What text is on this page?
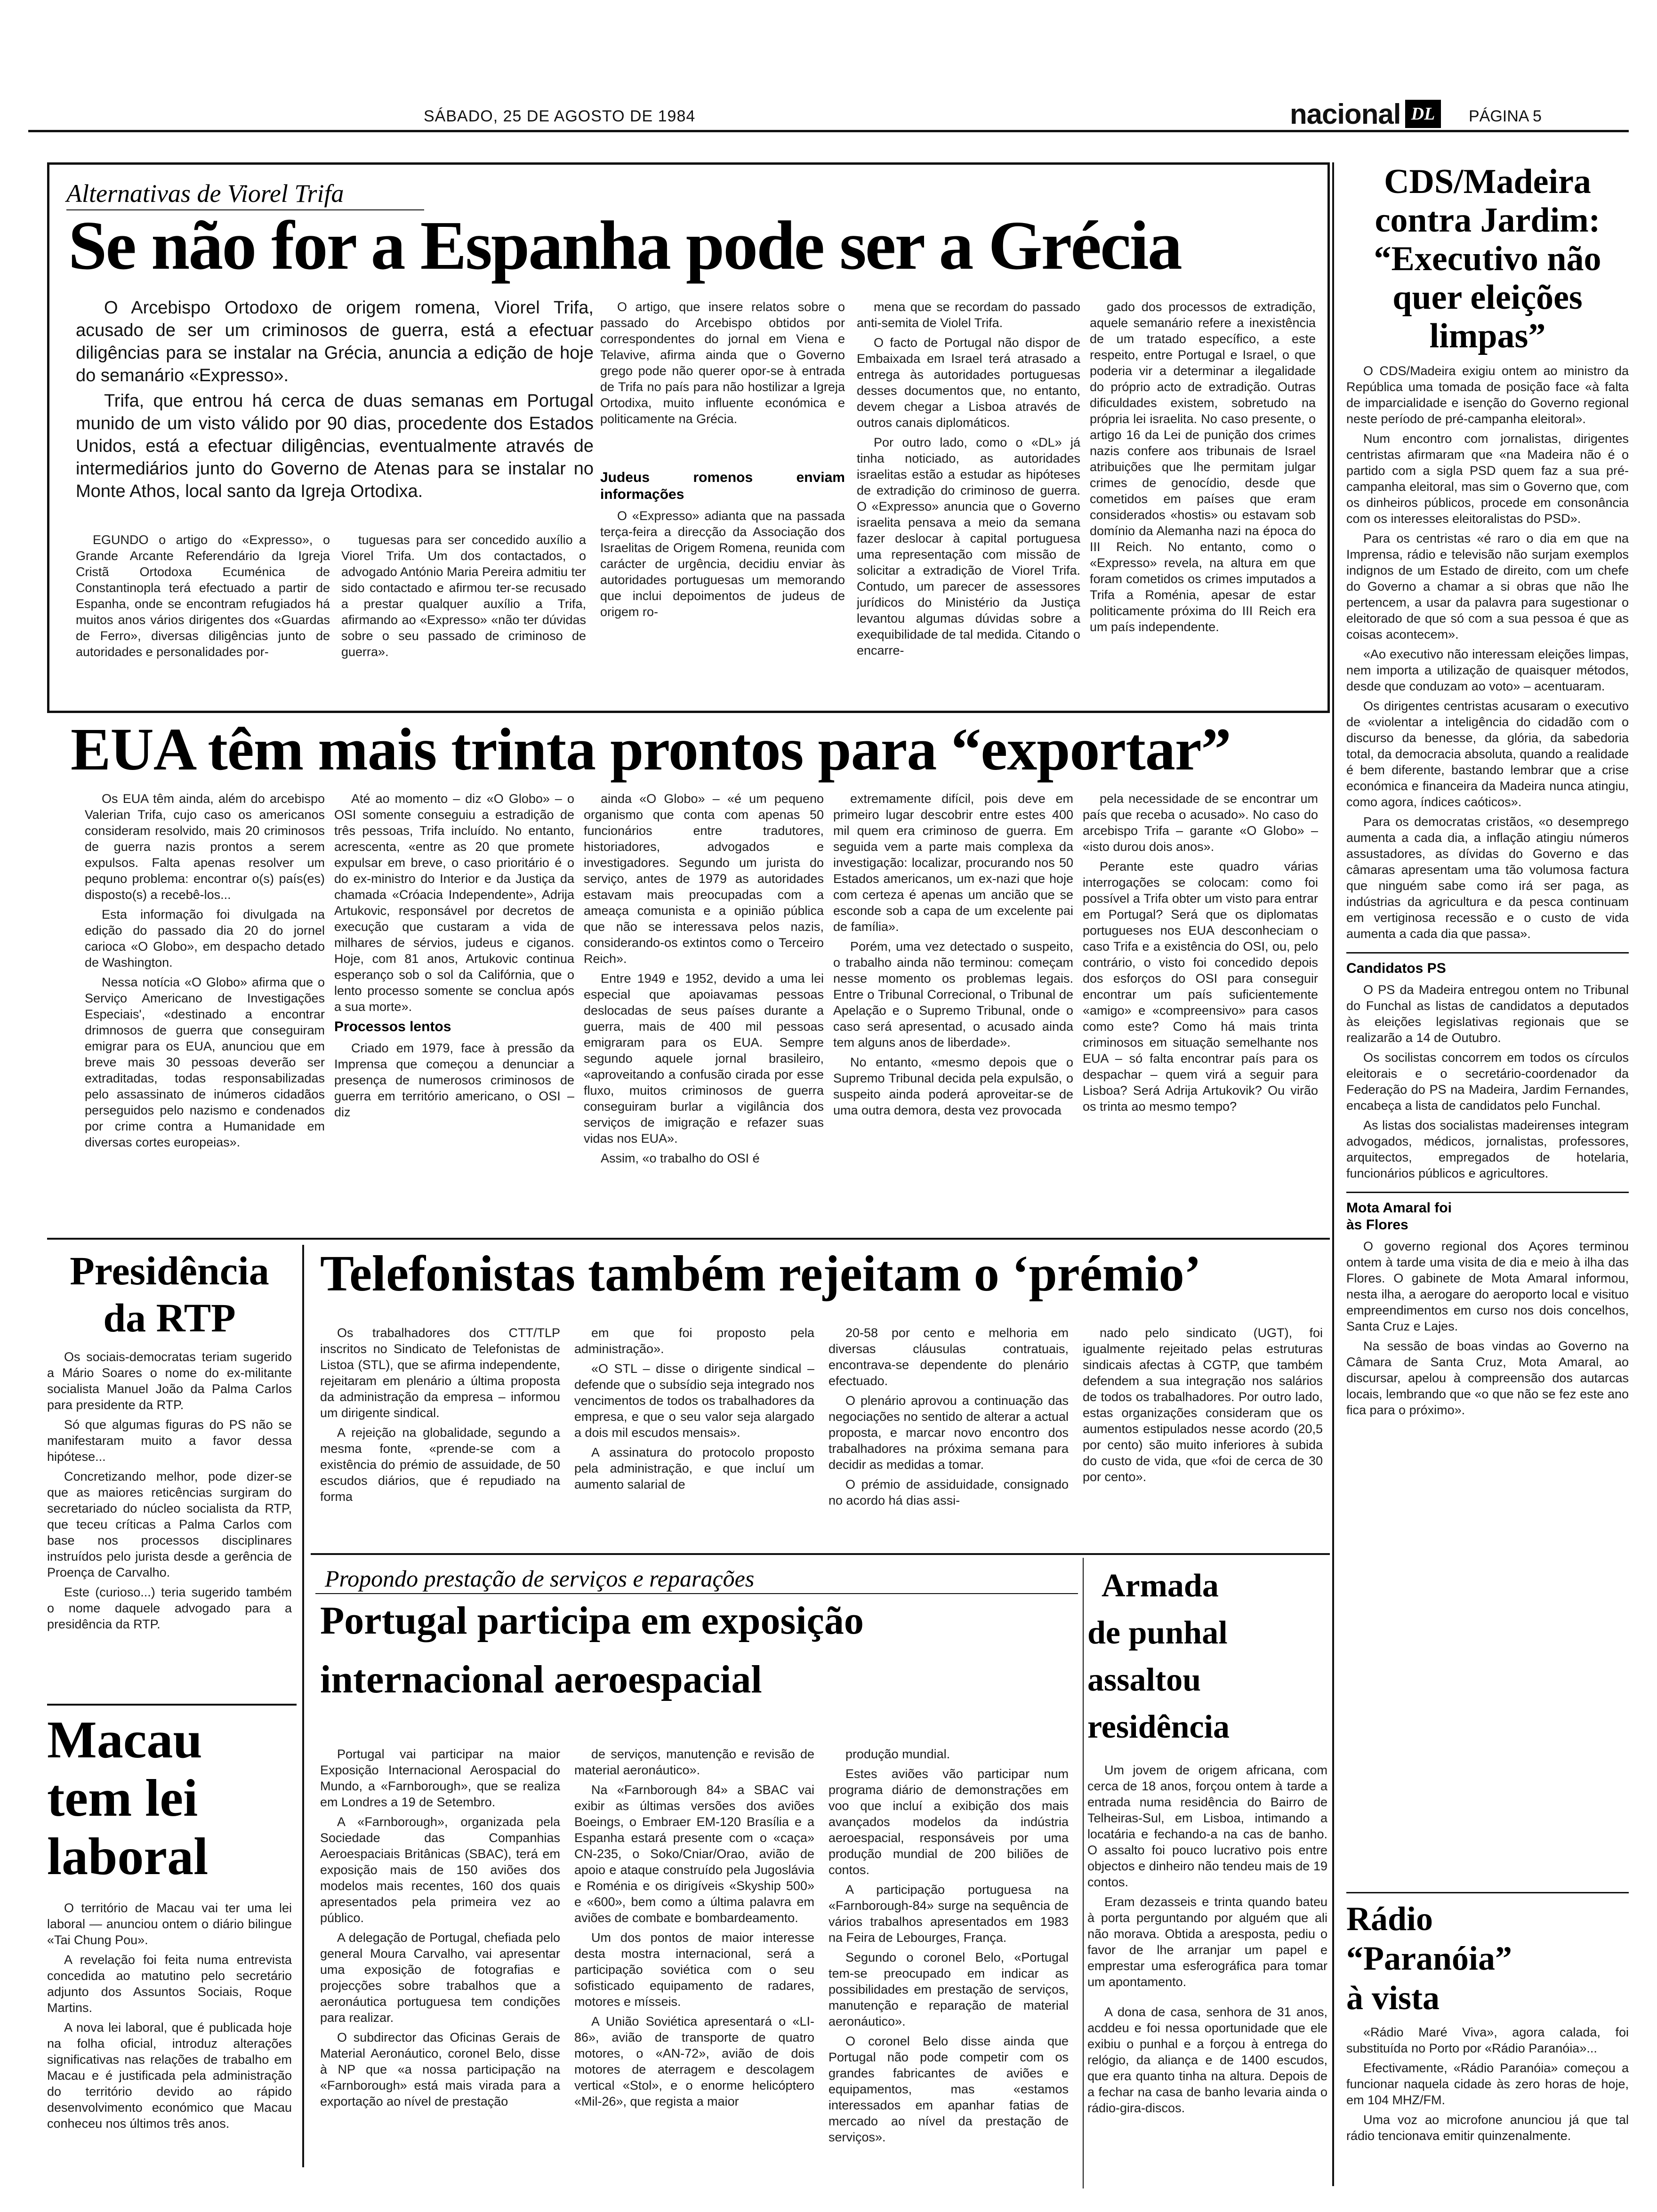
SÁBADO, 25 DE AGOSTO DE 1984	nacional DL	PÁGINA 5
Alternativas de Viorel Trifa
Se não for a Espanha pode ser a Grécia

O Arcebispo Ortodoxo de origem romena, Viorel Trifa, acusado de ser um criminosos de guerra, está a efectuar diligências para se instalar na Grécia, anuncia a edição de hoje do semanário «Expresso».

Trifa, que entrou há cerca de duas semanas em Portugal munido de um visto válido por 90 dias, procedente dos Estados Unidos, está a efectuar diligências, eventualmente através de intermediários junto do Governo de Atenas para se instalar no Monte Athos, local santo da Igreja Ortodixa.

EGUNDO o artigo do «Expresso», o Grande Arcante Referendário da Igreja Cristã Ortodoxa Ecuménica de Constantinopla terá efectuado a partir de Espanha, onde se encontram refugiados há muitos anos vários dirigentes dos «Guardas de Ferro», diversas diligências junto de autoridades e personalidades por-

tuguesas para ser concedido auxílio a Viorel Trifa. Um dos contactados, o advogado António Maria Pereira admitiu ter sido contactado e afirmou ter-se recusado a prestar qualquer auxílio a Trifa, afirmando ao «Expresso» «não ter dúvidas sobre o seu passado de criminoso de guerra».

O artigo, que insere relatos sobre o passado do Arcebispo obtidos por correspondentes do jornal em Viena e Telavive, afirma ainda que o Governo grego pode não querer opor-se à entrada de Trifa no país para não hostilizar a Igreja Ortodixa, muito influente económica e politicamente na Grécia.

Judeus romenos enviam informações

O «Expresso» adianta que na passada terça-feira a direcção da Associação dos Israelitas de Origem Romena, reunida com carácter de urgência, decidiu enviar às autoridades portuguesas um memorando que inclui depoimentos de judeus de origem ro-

mena que se recordam do passado anti-semita de Violel Trifa.

O facto de Portugal não dispor de Embaixada em Israel terá atrasado a entrega às autoridades portuguesas desses documentos que, no entanto, devem chegar a Lisboa através de outros canais diplomáticos.

Por outro lado, como o «DL» já tinha noticiado, as autoridades israelitas estão a estudar as hipóteses de extradição do criminoso de guerra. O «Expresso» anuncia que o Governo israelita pensava a meio da semana fazer deslocar à capital portuguesa uma representação com missão de solicitar a extradição de Viorel Trifa. Contudo, um parecer de assessores jurídicos do Ministério da Justiça levantou algumas dúvidas sobre a exequibilidade de tal medida. Citando o encarre-

gado dos processos de extradição, aquele semanário refere a inexistência de um tratado específico, a este respeito, entre Portugal e Israel, o que poderia vir a determinar a ilegalidade do próprio acto de extradição. Outras dificuldades existem, sobretudo na própria lei israelita. No caso presente, o artigo 16 da Lei de punição dos crimes nazis confere aos tribunais de Israel atribuições que lhe permitam julgar crimes de genocídio, desde que cometidos em países que eram considerados «hostis» ou estavam sob domínio da Alemanha nazi na época do III Reich. No entanto, como o «Expresso» revela, na altura em que foram cometidos os crimes imputados a Trifa a Roménia, apesar de estar politicamente próxima do III Reich era um país independente.

EUA têm mais trinta prontos para “exportar”

Os EUA têm ainda, além do arcebispo Valerian Trifa, cujo caso os americanos consideram resolvido, mais 20 criminosos de guerra nazis prontos a serem expulsos. Falta apenas resolver um pequno problema: encontrar o(s) país(es) disposto(s) a recebê-los...

Esta informação foi divulgada na edição do passado dia 20 do jornel carioca «O Globo», em despacho detado de Washington.

Nessa notícia «O Globo» afirma que o Serviço Americano de Investigações Especiais', «destinado a encontrar drimnosos de guerra que conseguiram emigrar para os EUA, anunciou que em breve mais 30 pessoas deverão ser extraditadas, todas responsabilizadas pelo assassinato de inúmeros cidadãos perseguidos pelo nazismo e condenados por crime contra a Humanidade em diversas cortes europeias».

Até ao momento – diz «O Globo» – o OSI somente conseguiu a estradição de três pessoas, Trifa incluído. No entanto, acrescenta, «entre as 20 que promete expulsar em breve, o caso prioritário é o do ex-ministro do Interior e da Justiça da chamada «Cróacia Independente», Adrija Artukovic, responsável por decretos de execução que custaram a vida de milhares de sérvios, judeus e ciganos. Hoje, com 81 anos, Artukovic continua esperanço sob o sol da Califórnia, que o lento processo somente se conclua após a sua morte».

Processos lentos

Criado em 1979, face à pressão da Imprensa que começou a denunciar a presença de numerosos criminosos de guerra em território americano, o OSI – diz

ainda «O Globo» – «é um pequeno organismo que conta com apenas 50 funcionários entre tradutores, historiadores, advogados e investigadores. Segundo um jurista do serviço, antes de 1979 as autoridades estavam mais preocupadas com a ameaça comunista e a opinião pública que não se interessava pelos nazis, considerando-os extintos como o Terceiro Reich».

Entre 1949 e 1952, devido a uma lei especial que apoiavamas pessoas deslocadas de seus países durante a guerra, mais de 400 mil pessoas emigraram para os EUA. Sempre segundo aquele jornal brasileiro, «aproveitando a confusão cirada por esse fluxo, muitos criminosos de guerra conseguiram burlar a vigilância dos serviços de imigração e refazer suas vidas nos EUA».

Assim, «o trabalho do OSI é

extremamente difícil, pois deve em primeiro lugar descobrir entre estes 400 mil quem era criminoso de guerra. Em seguida vem a parte mais complexa da investigação: localizar, procurando nos 50 Estados americanos, um ex-nazi que hoje com certeza é apenas um ancião que se esconde sob a capa de um excelente pai de família».

Porém, uma vez detectado o suspeito, o trabalho ainda não terminou: começam nesse momento os problemas legais. Entre o Tribunal Correcional, o Tribunal de Apelação e o Supremo Tribunal, onde o caso será apresentad, o acusado ainda tem alguns anos de liberdade».

No entanto, «mesmo depois que o Supremo Tribunal decida pela expulsão, o suspeito ainda poderá aproveitar-se de uma outra demora, desta vez provocada

pela necessidade de se encontrar um país que receba o acusado». No caso do arcebispo Trifa – garante «O Globo» – «isto durou dois anos».

Perante este quadro várias interrogações se colocam: como foi possível a Trifa obter um visto para entrar em Portugal? Será que os diplomatas portugueses nos EUA desconheciam o caso Trifa e a existência do OSI, ou, pelo contrário, o visto foi concedido depois dos esforços do OSI para conseguir encontrar um país suficientemente «amigo» e «compreensivo» para casos como este? Como há mais trinta criminosos em situação semelhante nos EUA – só falta encontrar país para os despachar – quem virá a seguir para Lisboa? Será Adrija Artukovik? Ou virão os trinta ao mesmo tempo?

CDS/Madeira contra Jardim: “Executivo não quer eleições limpas”

O CDS/Madeira exigiu ontem ao ministro da República uma tomada de posição face «à falta de imparcialidade e isenção do Governo regional neste período de pré-campanha eleitoral».

Num encontro com jornalistas, dirigentes centristas afirmaram que «na Madeira não é o partido com a sigla PSD quem faz a sua pré-campanha eleitoral, mas sim o Governo que, com os dinheiros públicos, procede em consonância com os interesses eleitoralistas do PSD».

Para os centristas «é raro o dia em que na Imprensa, rádio e televisão não surjam exemplos indignos de um Estado de direito, com um chefe do Governo a chamar a si obras que não lhe pertencem, a usar da palavra para sugestionar o eleitorado de que só com a sua pessoa é que as coisas acontecem».

«Ao executivo não interessam eleições limpas, nem importa a utilização de quaisquer métodos, desde que conduzam ao voto» – acentuaram.

Os dirigentes centristas acusaram o executivo de «violentar a inteligência do cidadão com o discurso da benesse, da glória, da sabedoria total, da democracia absoluta, quando a realidade é bem diferente, bastando lembrar que a crise económica e financeira da Madeira nunca atingiu, como agora, índices caóticos».

Para os democratas cristãos, «o desemprego aumenta a cada dia, a inflação atingiu números assustadores, as dívidas do Governo e das câmaras apresentam uma tão volumosa factura que ninguém sabe como irá ser paga, as indústrias da agricultura e da pesca continuam em vertiginosa recessão e o custo de vida aumenta a cada dia que passa».

Candidatos PS

O PS da Madeira entregou ontem no Tribunal do Funchal as listas de candidatos a deputados às eleições legislativas regionais que se realizarão a 14 de Outubro.

Os socilistas concorrem em todos os círculos eleitorais e o secretário-coordenador da Federação do PS na Madeira, Jardim Fernandes, encabeça a lista de candidatos pelo Funchal.

As listas dos socialistas madeirenses integram advogados, médicos, jornalistas, professores, arquitectos, empregados de hotelaria, funcionários públicos e agricultores.

Mota Amaral foi às Flores

O governo regional dos Açores terminou ontem à tarde uma visita de dia e meio à ilha das Flores. O gabinete de Mota Amaral informou, nesta ilha, a aerogare do aeroporto local e visituo empreendimentos em curso nos dois concelhos, Santa Cruz e Lajes.

Na sessão de boas vindas ao Governo na Câmara de Santa Cruz, Mota Amaral, ao discursar, apelou à compreensão dos autarcas locais, lembrando que «o que não se fez este ano fica para o próximo».

Rádio “Paranóia” à vista

«Rádio Maré Viva», agora calada, foi substituída no Porto por «Rádio Paranóia»...

Efectivamente, «Rádio Paranóia» começou a funcionar naquela cidade às zero horas de hoje, em 104 MHZ/FM.

Uma voz ao microfone anunciou já que tal rádio tencionava emitir quinzenalmente.

Presidência da RTP

Os sociais-democratas teriam sugerido a Mário Soares o nome do ex-militante socialista Manuel João da Palma Carlos para presidente da RTP.

Só que algumas figuras do PS não se manifestaram muito a favor dessa hipótese...

Concretizando melhor, pode dizer-se que as maiores reticências surgiram do secretariado do núcleo socialista da RTP, que teceu críticas a Palma Carlos com base nos processos disciplinares instruídos pelo jurista desde a gerência de Proença de Carvalho.

Este (curioso...) teria sugerido também o nome daquele advogado para a presidência da RTP.

Macau tem lei laboral

O território de Macau vai ter uma lei laboral — anunciou ontem o diário bilingue «Tai Chung Pou».

A revelação foi feita numa entrevista concedida ao matutino pelo secretário adjunto dos Assuntos Sociais, Roque Martins.

A nova lei laboral, que é publicada hoje na folha oficial, introduz alterações significativas nas relações de trabalho em Macau e é justificada pela administração do território devido ao rápido desenvolvimento económico que Macau conheceu nos últimos três anos.

Telefonistas também rejeitam o ‘prémio’

Os trabalhadores dos CTT/TLP inscritos no Sindicato de Telefonistas de Listoa (STL), que se afirma independente, rejeitaram em plenário a última proposta da administração da empresa – informou um dirigente sindical.

A rejeição na globalidade, segundo a mesma fonte, «prende-se com a existência do prémio de assuidade, de 50 escudos diários, que é repudiado na forma

em que foi proposto pela administração».

«O STL – disse o dirigente sindical – defende que o subsídio seja integrado nos vencimentos de todos os trabalhadores da empresa, e que o seu valor seja alargado a dois mil escudos mensais».

A assinatura do protocolo proposto pela administração, e que incluí um aumento salarial de

20-58 por cento e melhoria em diversas cláusulas contratuais, encontrava-se dependente do plenário efectuado.

O plenário aprovou a continuação das negociações no sentido de alterar a actual proposta, e marcar novo encontro dos trabalhadores na próxima semana para decidir as medidas a tomar.

O prémio de assiduidade, consignado no acordo há dias assi-

nado pelo sindicato (UGT), foi igualmente rejeitado pelas estruturas sindicais afectas à CGTP, que também defendem a sua integração nos salários de todos os trabalhadores. Por outro lado, estas organizações consideram que os aumentos estipulados nesse acordo (20,5 por cento) são muito inferiores à subida do custo de vida, que «foi de cerca de 30 por cento».

Propondo prestação de serviços e reparações
Portugal participa em exposição
internacional aeroespacial

Portugal vai participar na maior Exposição Internacional Aerospacial do Mundo, a «Farnborough», que se realiza em Londres a 19 de Setembro.

A «Farnborough», organizada pela Sociedade das Companhias Aeroespaciais Britânicas (SBAC), terá em exposição mais de 150 aviões dos modelos mais recentes, 160 dos quais apresentados pela primeira vez ao público.

A delegação de Portugal, chefiada pelo general Moura Carvalho, vai apresentar uma exposição de fotografias e projecções sobre trabalhos que a aeronáutica portuguesa tem condições para realizar.

O subdirector das Oficinas Gerais de Material Aeronáutico, coronel Belo, disse à NP que «a nossa participação na «Farnborough» está mais virada para a exportação ao nível de prestação

de serviços, manutenção e revisão de material aeronáutico».

Na «Farnborough 84» a SBAC vai exibir as últimas versões dos aviões Boeings, o Embraer EM-120 Brasília e a Espanha estará presente com o «caça» CN-235, o Soko/Cniar/Orao, avião de apoio e ataque construído pela Jugoslávia e Roménia e os dirigíveis «Skyship 500» e «600», bem como a última palavra em aviões de combate e bombardeamento.

Um dos pontos de maior interesse desta mostra internacional, será a participação soviética com o seu sofisticado equipamento de radares, motores e mísseis.

A União Soviética apresentará o «LI-86», avião de transporte de quatro motores, o «AN-72», avião de dois motores de aterragem e descolagem vertical «Stol», e o enorme helicóptero «Mil-26», que regista a maior

produção mundial.

Estes aviões vão participar num programa diário de demonstrações em voo que incluí a exibição dos mais avançados modelos da indústria aeroespacial, responsáveis por uma produção mundial de 200 biliões de contos.

A participação portuguesa na «Farnborough-84» surge na sequência de vários trabalhos apresentados em 1983 na Feira de Lebourges, França.

Segundo o coronel Belo, «Portugal tem-se preocupado em indicar as possibilidades em prestação de serviços, manutenção e reparação de material aeronáutico».

O coronel Belo disse ainda que Portugal não pode competir com os grandes fabricantes de aviões e equipamentos, mas «estamos interessados em apanhar fatias de mercado ao nível da prestação de serviços».

Armada
de punhal
assaltou
residência

Um jovem de origem africana, com cerca de 18 anos, forçou ontem à tarde a entrada numa residência do Bairro de Telheiras-Sul, em Lisboa, intimando a locatária e fechando-a na cas de banho. O assalto foi pouco lucrativo pois entre objectos e dinheiro não tendeu mais de 19 contos.

Eram dezasseis e trinta quando bateu à porta perguntando por alguém que ali não morava. Obtida a aresposta, pediu o favor de lhe arranjar um papel e emprestar uma esferográfica para tomar um apontamento.

A dona de casa, senhora de 31 anos, acddeu e foi nessa oportunidade que ele exibiu o punhal e a forçou à entrega do relógio, da aliança e de 1400 escudos, que era quanto tinha na altura. Depois de a fechar na casa de banho levaria ainda o rádio-gira-discos.
